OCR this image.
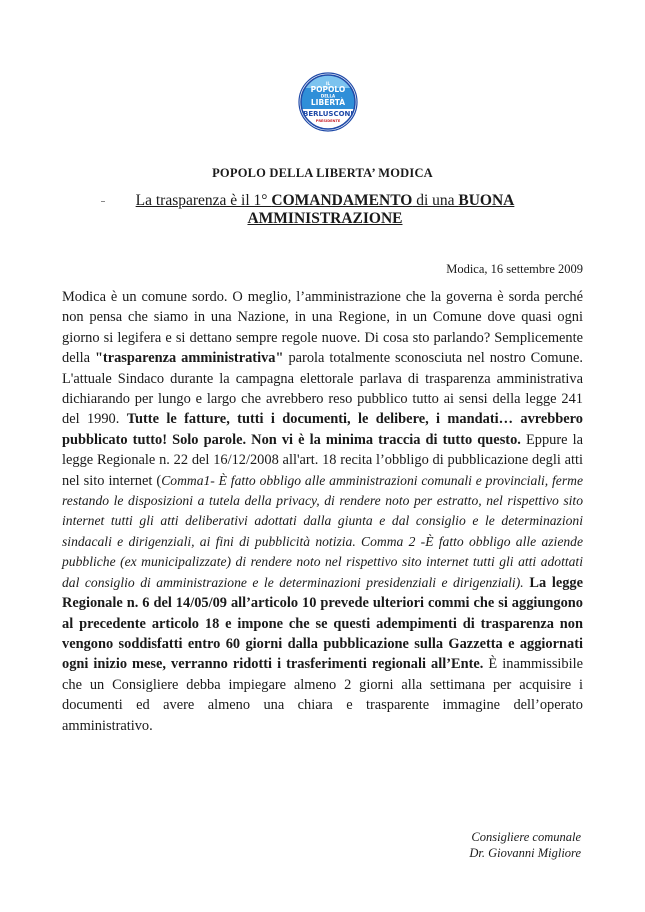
IL
POPOLO
DELLA
LIBERTÀ
BERLUSCONI
PRESIDENTE
POPOLO DELLA LIBERTA’ MODICA
La trasparenza è il 1° COMANDAMENTO di una BUONA
AMMINISTRAZIONE
Modica, 16 settembre 2009

Modica è un comune sordo. O meglio, l’amministrazione che la governa è sorda perché non pensa che siamo in una Nazione, in una Regione, in un Comune dove quasi ogni giorno si legifera e si dettano sempre regole nuove. Di cosa sto parlando? Semplicemente della "trasparenza amministrativa" parola totalmente sconosciuta nel nostro Comune. L'attuale Sindaco durante la campagna elettorale parlava di trasparenza amministrativa dichiarando per lungo e largo che avrebbero reso pubblico tutto ai sensi della legge 241 del 1990. Tutte le fatture, tutti i documenti, le delibere, i mandati… avrebbero pubblicato tutto! Solo parole. Non vi è la minima traccia di tutto questo. Eppure la legge Regionale n. 22 del 16/12/2008 all'art. 18 recita l’obbligo di pubblicazione degli atti nel sito internet (Comma1- È fatto obbligo alle amministrazioni comunali e provinciali, ferme restando le disposizioni a tutela della privacy, di rendere noto per estratto, nel rispettivo sito internet tutti gli atti deliberativi adottati dalla giunta e dal consiglio e le determinazioni sindacali e dirigenziali, ai fini di pubblicità notizia. Comma 2 -È fatto obbligo alle aziende pubbliche (ex municipalizzate) di rendere noto nel rispettivo sito internet tutti gli atti adottati dal consiglio di amministrazione e le determinazioni presidenziali e dirigenziali). La legge Regionale n. 6 del 14/05/09 all’articolo 10 prevede ulteriori commi che si aggiungono al precedente articolo 18 e impone che se questi adempimenti di trasparenza non vengono soddisfatti entro 60 giorni dalla pubblicazione sulla Gazzetta e aggiornati ogni inizio mese, verranno ridotti i trasferimenti regionali all’Ente. È inammissibile che un Consigliere debba impiegare almeno 2 giorni alla settimana per acquisire i documenti ed avere almeno una chiara e trasparente immagine dell’operato amministrativo.

Consigliere comunale
Dr. Giovanni Migliore
